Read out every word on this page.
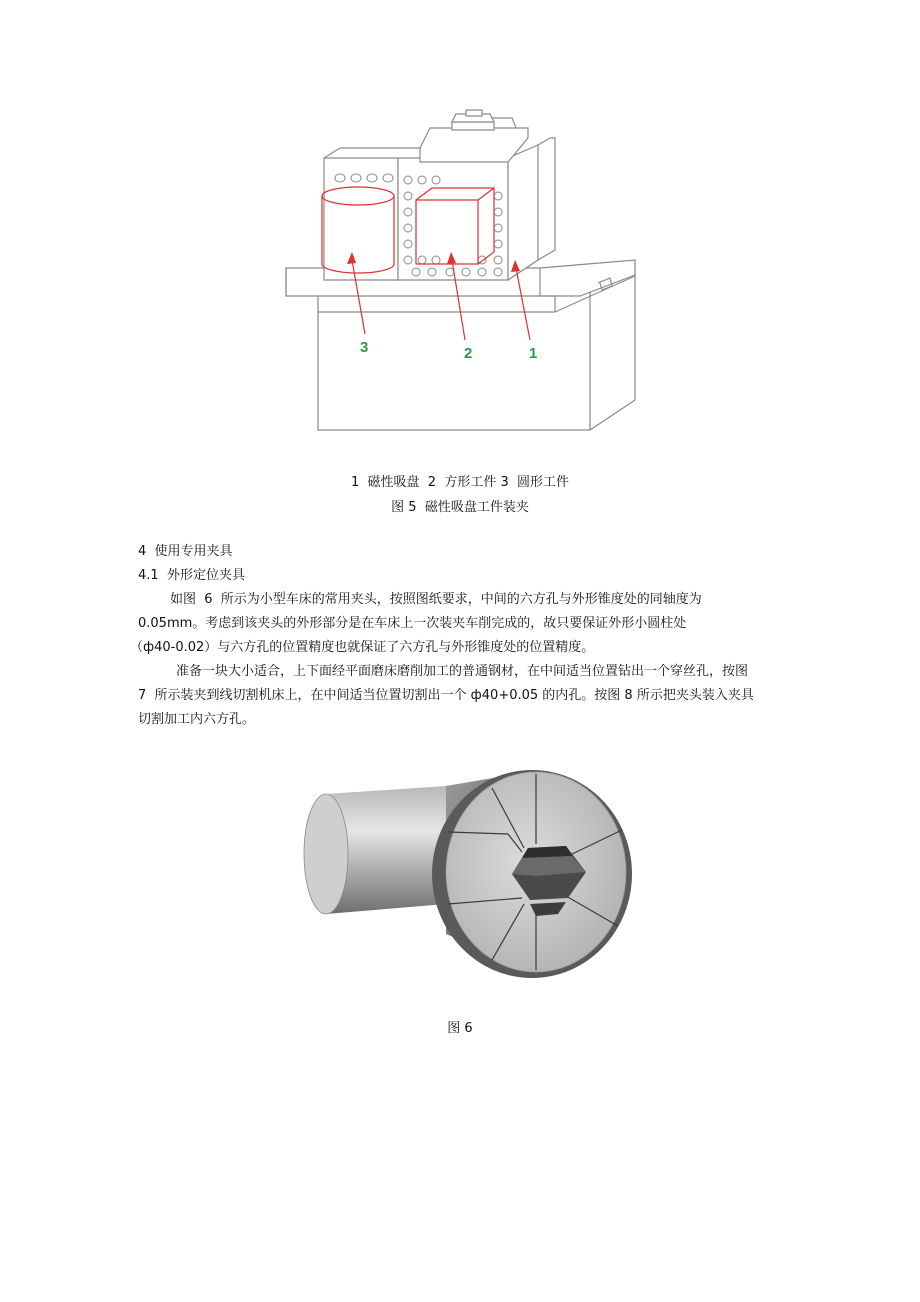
3	2	1
1  磁性吸盘  2  方形工件 3  圆形工件
图 5  磁性吸盘工件装夹
4  使用专用夹具
4.1  外形定位夹具
如图  6  所示为小型车床的常用夹头，按照图纸要求，中间的六方孔与外形锥度处的同轴度为
0.05mm。考虑到该夹头的外形部分是在车床上一次装夹车削完成的，故只要保证外形小圆柱处
（ф40-0.02）与六方孔的位置精度也就保证了六方孔与外形锥度处的位置精度。
准备一块大小适合，上下面经平面磨床磨削加工的普通钢材，在中间适当位置钻出一个穿丝孔，按图
7  所示装夹到线切割机床上，在中间适当位置切割出一个 ф40+0.05 的内孔。按图 8 所示把夹头装入夹具
切割加工内六方孔。
图 6
